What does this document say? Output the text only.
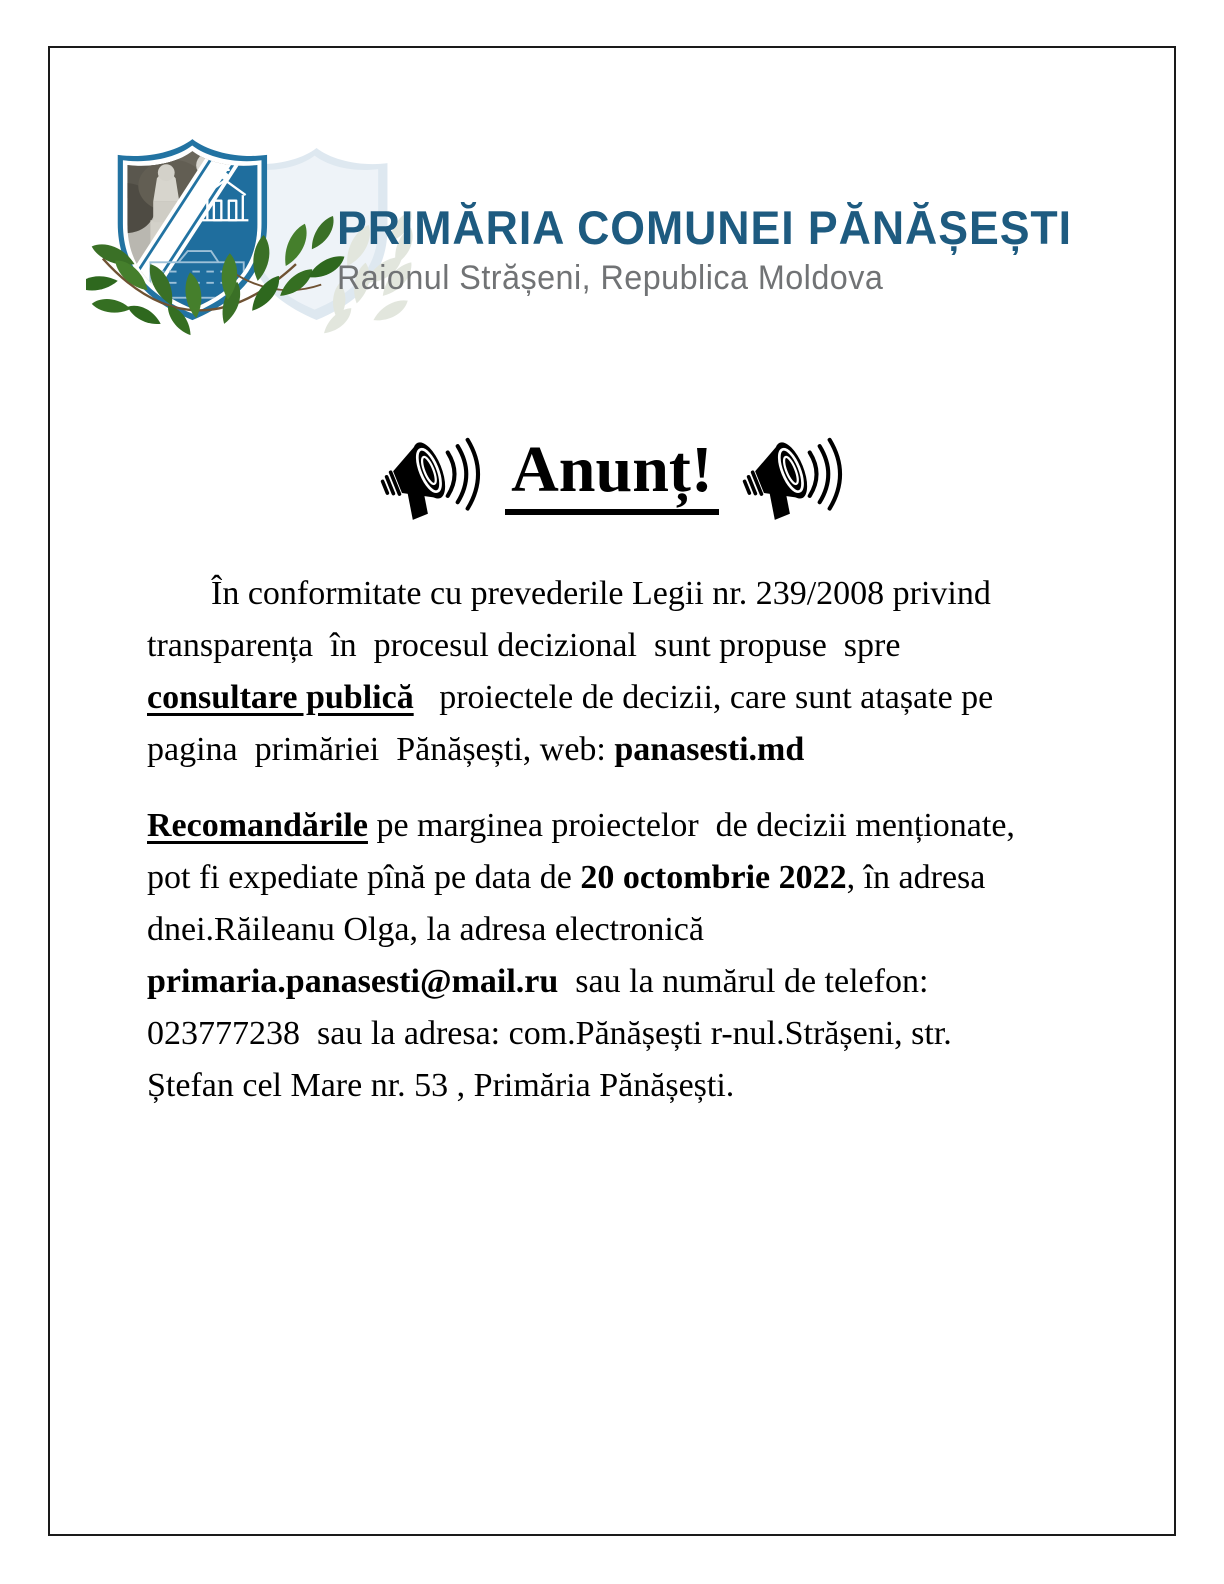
PRIMĂRIA COMUNEI PĂNĂȘEȘTI
Raionul Strășeni, Republica Moldova
Anunț!
În conformitate cu prevederile Legii nr. 239/2008 privind
transparența  în  procesul decizional  sunt propuse  spre
consultare publică   proiectele de decizii, care sunt atașate pe
pagina  primăriei  Pănășești, web: panasesti.md
Recomandările pe marginea proiectelor  de decizii menționate,
pot fi expediate pînă pe data de 20 octombrie 2022, în adresa
dnei.Răileanu Olga, la adresa electronică
primaria.panasesti@mail.ru  sau la numărul de telefon:
023777238  sau la adresa: com.Pănășești r-nul.Strășeni, str.
Ștefan cel Mare nr. 53 , Primăria Pănășești.
